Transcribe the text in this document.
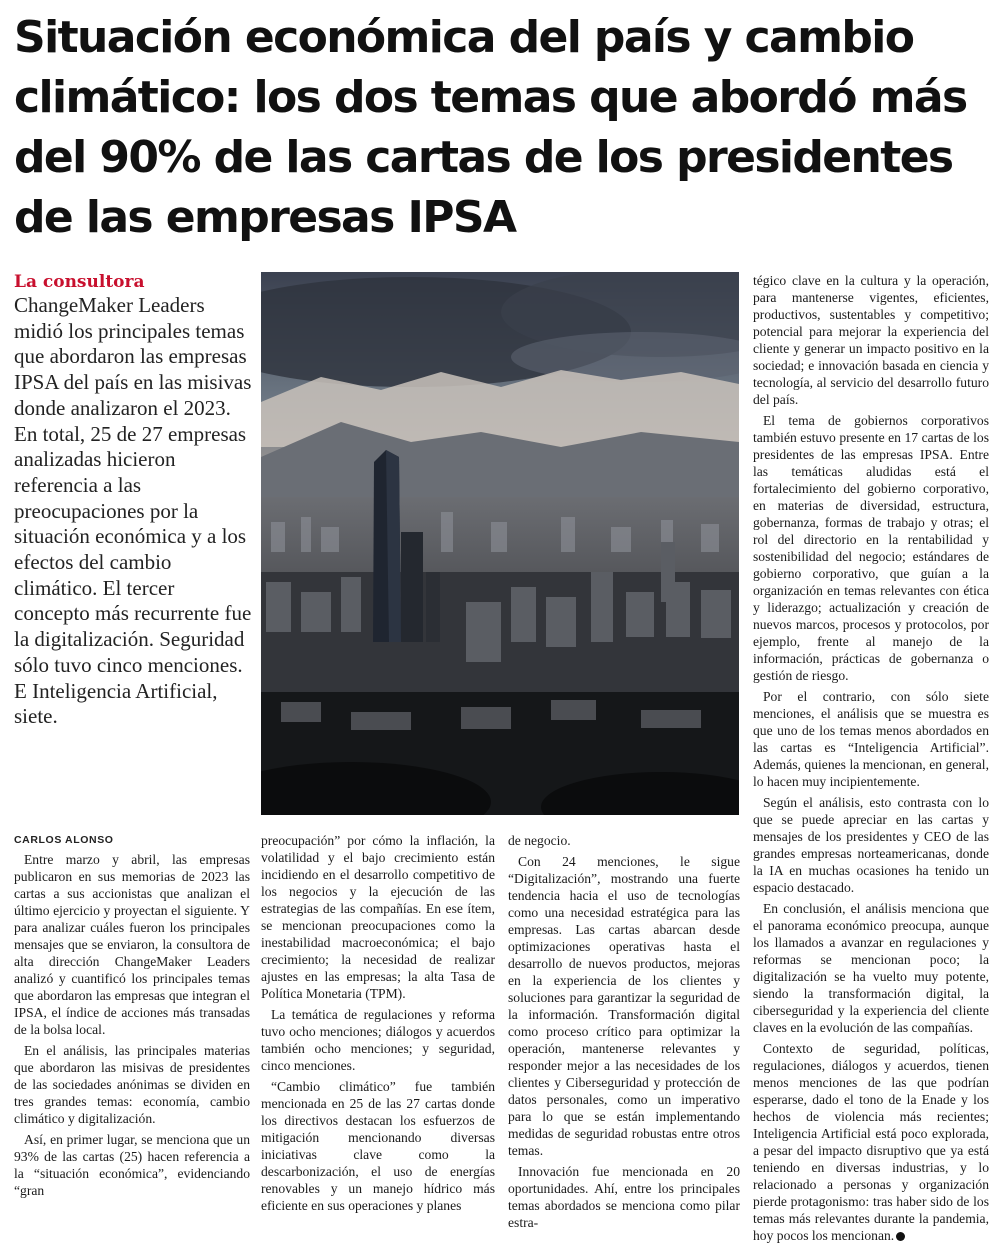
Situación económica del país y cambio climático: los dos temas que abordó más del 90% de las cartas de los presidentes de las empresas IPSA
La consultora

ChangeMaker Leaders midió los principales temas que abordaron las empresas IPSA del país en las misivas donde analizaron el 2023. En total, 25 de 27 empresas analizadas hicieron referencia a las preocupaciones por la situación económica y a los efectos del cambio climático. El tercer concepto más recurrente fue la digitalización. Seguridad sólo tuvo cinco menciones. E Inteligencia Artificial, siete.

CARLOS ALONSO

Entre marzo y abril, las empresas publicaron en sus memorias de 2023 las cartas a sus accionistas que analizan el último ejercicio y proyectan el siguiente. Y para analizar cuáles fueron los principales mensajes que se enviaron, la consultora de alta dirección ChangeMaker Leaders analizó y cuantificó los principales temas que abordaron las empresas que integran el IPSA, el índice de acciones más transadas de la bolsa local.

En el análisis, las principales materias que abordaron las misivas de presidentes de las sociedades anónimas se dividen en tres grandes temas: economía, cambio climático y digitalización.

Así, en primer lugar, se menciona que un 93% de las cartas (25) hacen referencia a la “situación económica”, evidenciando “gran

preocupación” por cómo la inflación, la volatilidad y el bajo crecimiento están incidiendo en el desarrollo competitivo de los negocios y la ejecución de las estrategias de las compañías. En ese ítem, se mencionan preocupaciones como la inestabilidad macroeconómica; el bajo crecimiento; la necesidad de realizar ajustes en las empresas; la alta Tasa de Política Monetaria (TPM).

La temática de regulaciones y reforma tuvo ocho menciones; diálogos y acuerdos también ocho menciones; y seguridad, cinco menciones.

“Cambio climático” fue también mencionada en 25 de las 27 cartas donde los directivos destacan los esfuerzos de mitigación mencionando diversas iniciativas clave como la descarbonización, el uso de energías renovables y un manejo hídrico más eficiente en sus operaciones y planes

de negocio.

Con 24 menciones, le sigue “Digitalización”, mostrando una fuerte tendencia hacia el uso de tecnologías como una necesidad estratégica para las empresas. Las cartas abarcan desde optimizaciones operativas hasta el desarrollo de nuevos productos, mejoras en la experiencia de los clientes y soluciones para garantizar la seguridad de la información. Transformación digital como proceso crítico para optimizar la operación, mantenerse relevantes y responder mejor a las necesidades de los clientes y Ciberseguridad y protección de datos personales, como un imperativo para lo que se están implementando medidas de seguridad robustas entre otros temas.

Innovación fue mencionada en 20 oportunidades. Ahí, entre los principales temas abordados se menciona como pilar estra-

tégico clave en la cultura y la operación, para mantenerse vigentes, eficientes, productivos, sustentables y competitivo; potencial para mejorar la experiencia del cliente y generar un impacto positivo en la sociedad; e innovación basada en ciencia y tecnología, al servicio del desarrollo futuro del país.

El tema de gobiernos corporativos también estuvo presente en 17 cartas de los presidentes de las empresas IPSA. Entre las temáticas aludidas está el fortalecimiento del gobierno corporativo, en materias de diversidad, estructura, gobernanza, formas de trabajo y otras; el rol del directorio en la rentabilidad y sostenibilidad del negocio; estándares de gobierno corporativo, que guían a la organización en temas relevantes con ética y liderazgo; actualización y creación de nuevos marcos, procesos y protocolos, por ejemplo, frente al manejo de la información, prácticas de gobernanza o gestión de riesgo.

Por el contrario, con sólo siete menciones, el análisis que se muestra es que uno de los temas menos abordados en las cartas es “Inteligencia Artificial”. Además, quienes la mencionan, en general, lo hacen muy incipientemente.

Según el análisis, esto contrasta con lo que se puede apreciar en las cartas y mensajes de los presidentes y CEO de las grandes empresas norteamericanas, donde la IA en muchas ocasiones ha tenido un espacio destacado.

En conclusión, el análisis menciona que el panorama económico preocupa, aunque los llamados a avanzar en regulaciones y reformas se mencionan poco; la digitalización se ha vuelto muy potente, siendo la transformación digital, la ciberseguridad y la experiencia del cliente claves en la evolución de las compañías.

Contexto de seguridad, políticas, regulaciones, diálogos y acuerdos, tienen menos menciones de las que podrían esperarse, dado el tono de la Enade y los hechos de violencia más recientes; Inteligencia Artificial está poco explorada, a pesar del impacto disruptivo que ya está teniendo en diversas industrias, y lo relacionado a personas y organización pierde protagonismo: tras haber sido de los temas más relevantes durante la pandemia, hoy pocos los mencionan.
